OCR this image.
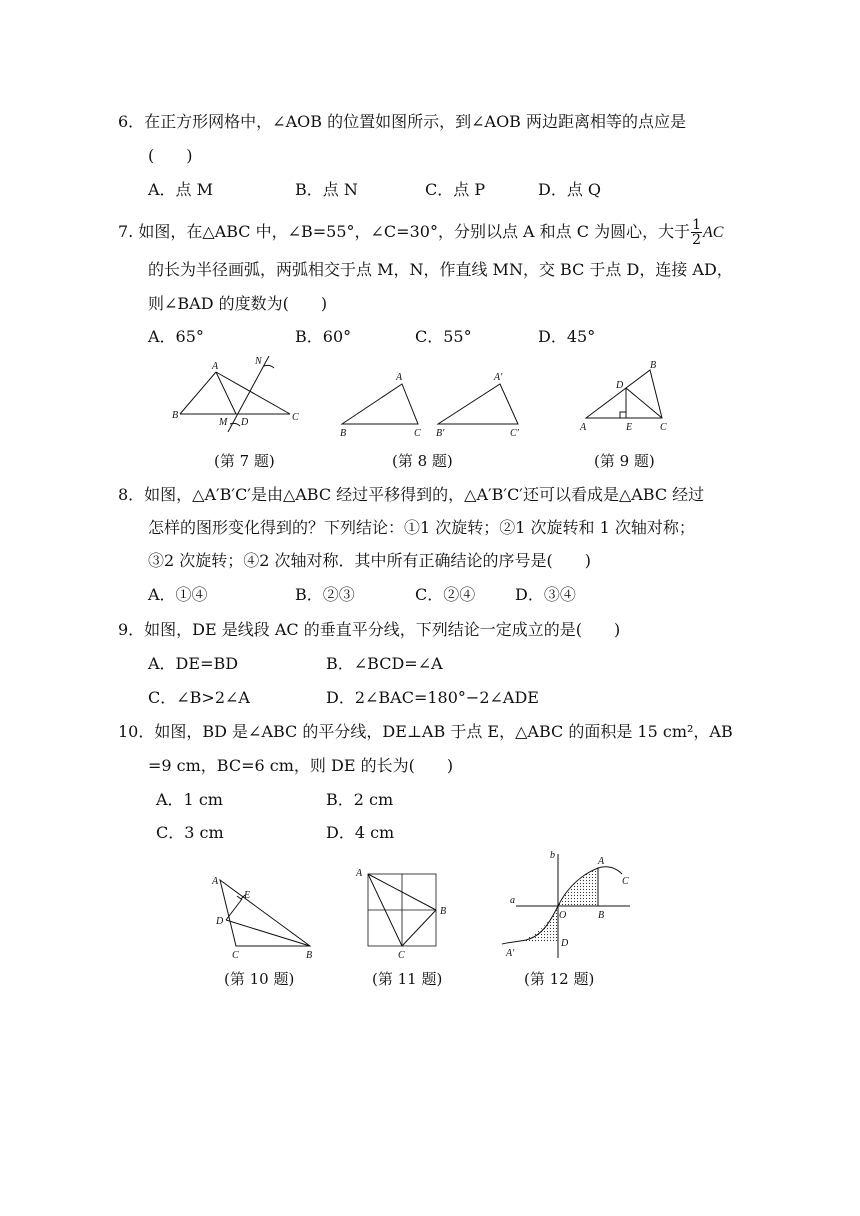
6．在正方形网格中，∠AOB 的位置如图所示，到∠AOB 两边距离相等的点应是
(　　)
A．点 M	B．点 N	C．点 P	D．点 Q
7. 如图，在△ABC 中，∠B=55°，∠C=30°，分别以点 A 和点 C 为圆心，大于 $\frac{1}{2}$ AC
的长为半径画弧，两弧相交于点 M，N，作直线 MN，交 BC 于点 D，连接 AD，
则∠BAD 的度数为(　　)
A．65°	B．60°	C．55°	D．45°
A
B	C
N
M D
A
B	C
A′
B′	C′
B
D
A	E	C
(第 7 题)	(第 8 题)	(第 9 题)
8．如图，△A′B′C′是由△ABC 经过平移得到的，△A′B′C′还可以看成是△ABC 经过
怎样的图形变化得到的？下列结论：①1 次旋转；②1 次旋转和 1 次轴对称；
③2 次旋转；④2 次轴对称．其中所有正确结论的序号是(　　)
A．①④	B．②③	C．②④ D．③④
9．如图，DE 是线段 AC 的垂直平分线，下列结论一定成立的是(　　)
A．DE=BD	B．∠BCD=∠A
C．∠B>2∠A	D．2∠BAC=180°−2∠ADE
10．如图，BD 是∠ABC 的平分线，DE⊥AB 于点 E，△ABC 的面积是 15 cm²，AB
=9 cm，BC=6 cm，则 DE 的长为(　　)
A．1 cm	B．2 cm
C．3 cm	D．4 cm
A
E
D
C	B
A
B
C
a
b
A
B
C
O
A′
D
(第 10 题)	(第 11 题)	(第 12 题)
